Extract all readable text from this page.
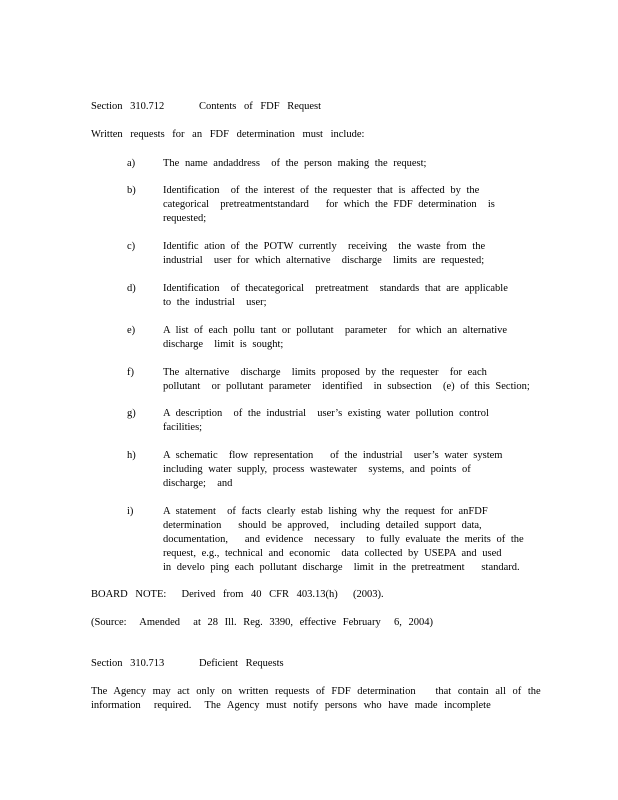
Section 310.712	Contents of FDF Request
Written requests for an FDF determination must include:
a)	The name andaddress  of the person making the request;
b)	Identification  of the interest of the requester that is affected by the
categorical  pretreatmentstandard   for which the FDF determination  is
requested;
c)	Identific ation of the POTW currently  receiving  the waste from the
industrial  user for which alternative  discharge  limits are requested;
d)	Identification  of thecategorical  pretreatment  standards that are applicable
to the industrial  user;
e)	A list of each pollu tant or pollutant  parameter  for which an alternative
discharge  limit is sought;
f)	The alternative  discharge  limits proposed by the requester  for each
pollutant  or pollutant parameter  identified  in subsection  (e) of this Section;
g)	A description  of the industrial  user’s existing water pollution control
facilities;
h)	A schematic  flow representation   of the industrial  user’s water system
including water supply, process wastewater  systems, and points of
discharge;  and
i)	A statement  of facts clearly estab lishing why the request for anFDF
determination   should be approved,  including detailed support data,
documentation,   and evidence  necessary  to fully evaluate the merits of the
request, e.g., technical and economic  data collected by USEPA and used
in develo ping each pollutant discharge  limit in the pretreatment   standard.
BOARD NOTE:  Derived from 40 CFR 403.13(h)  (2003).
(Source:  Amended  at 28 Ill. Reg. 3390, effective February  6, 2004)
Section 310.713	Deficient Requests
The Agency may act only on written requests of FDF determination   that contain all of the
information  required.  The Agency must notify persons who have made incomplete
